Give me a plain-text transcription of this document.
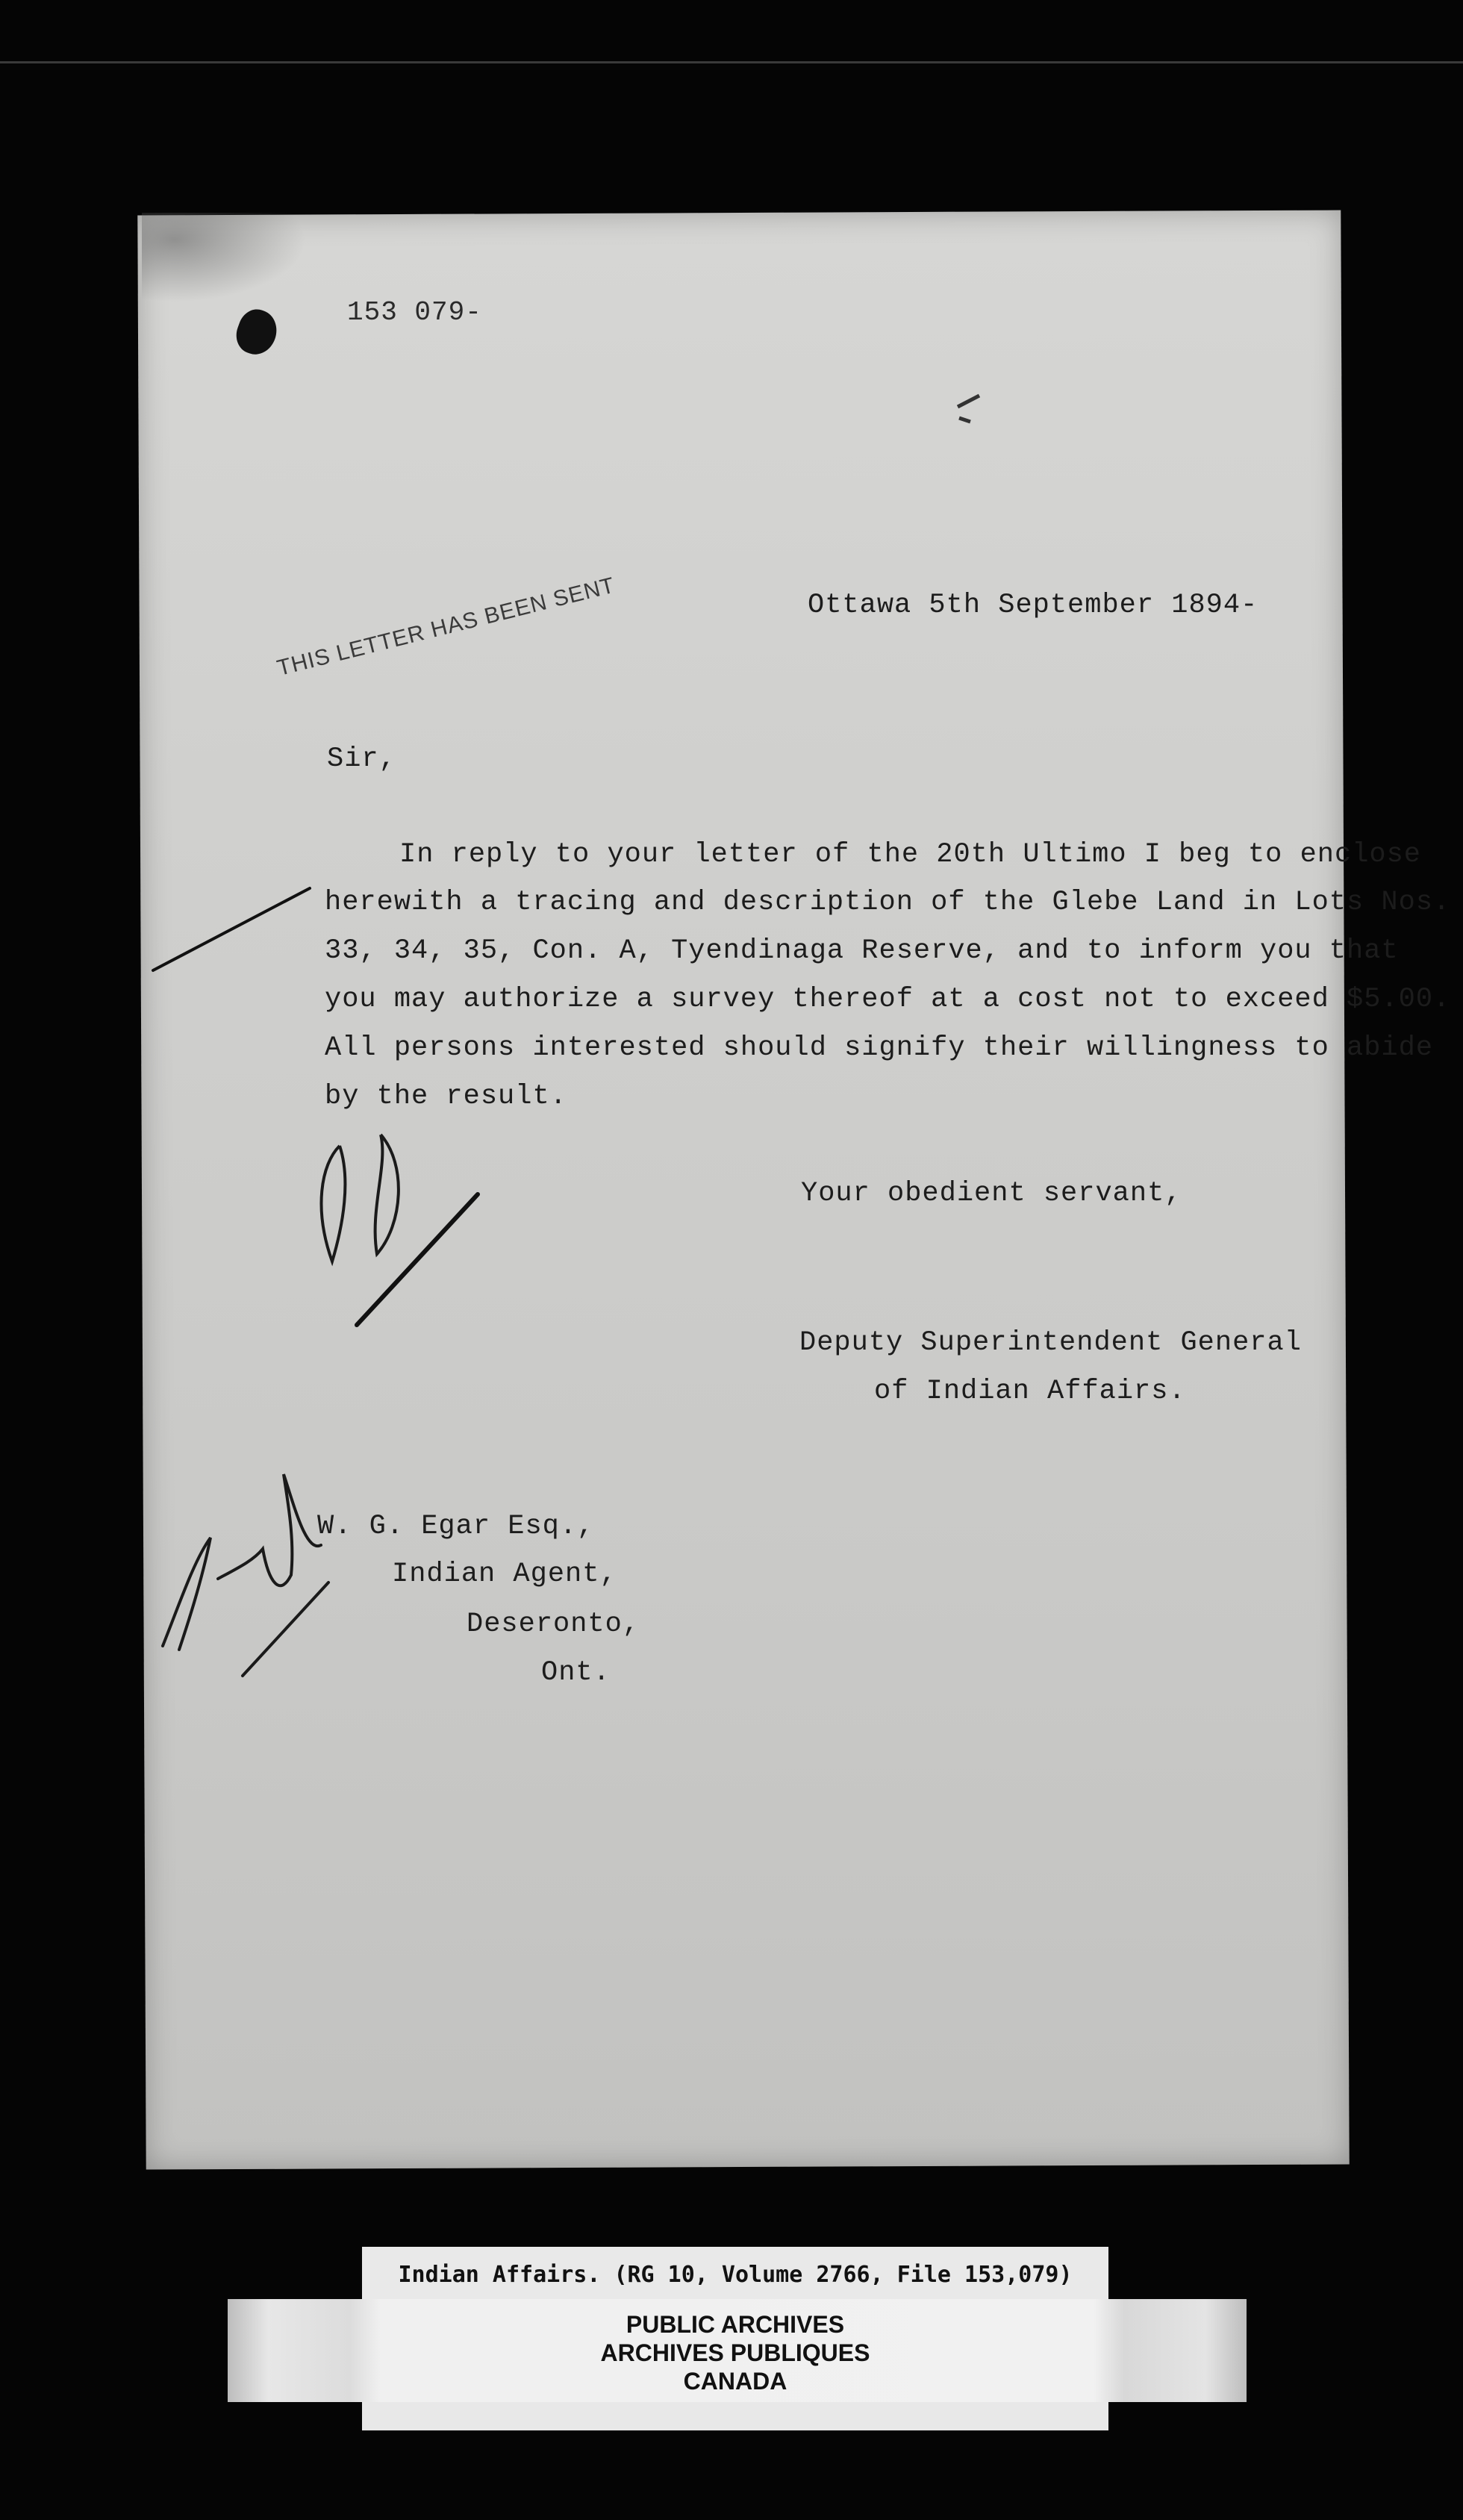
153 079-
THIS LETTER HAS BEEN SENT	Ottawa 5th September 1894-
Sir,
In reply to your letter of the 20th Ultimo I beg to enclose
herewith a tracing and description of the Glebe Land in Lots Nos.
33, 34, 35, Con. A, Tyendinaga Reserve, and to inform you that
you may authorize a survey thereof at a cost not to exceed $5.00.
All persons interested should signify their willingness to abide
by the result.
Your obedient servant,
Deputy Superintendent General
of Indian Affairs.
W. G. Egar Esq.,
Indian Agent,
Deseronto,
Ont.
Indian Affairs. (RG 10, Volume 2766, File 153,079)
PUBLIC ARCHIVES
ARCHIVES PUBLIQUES
CANADA
